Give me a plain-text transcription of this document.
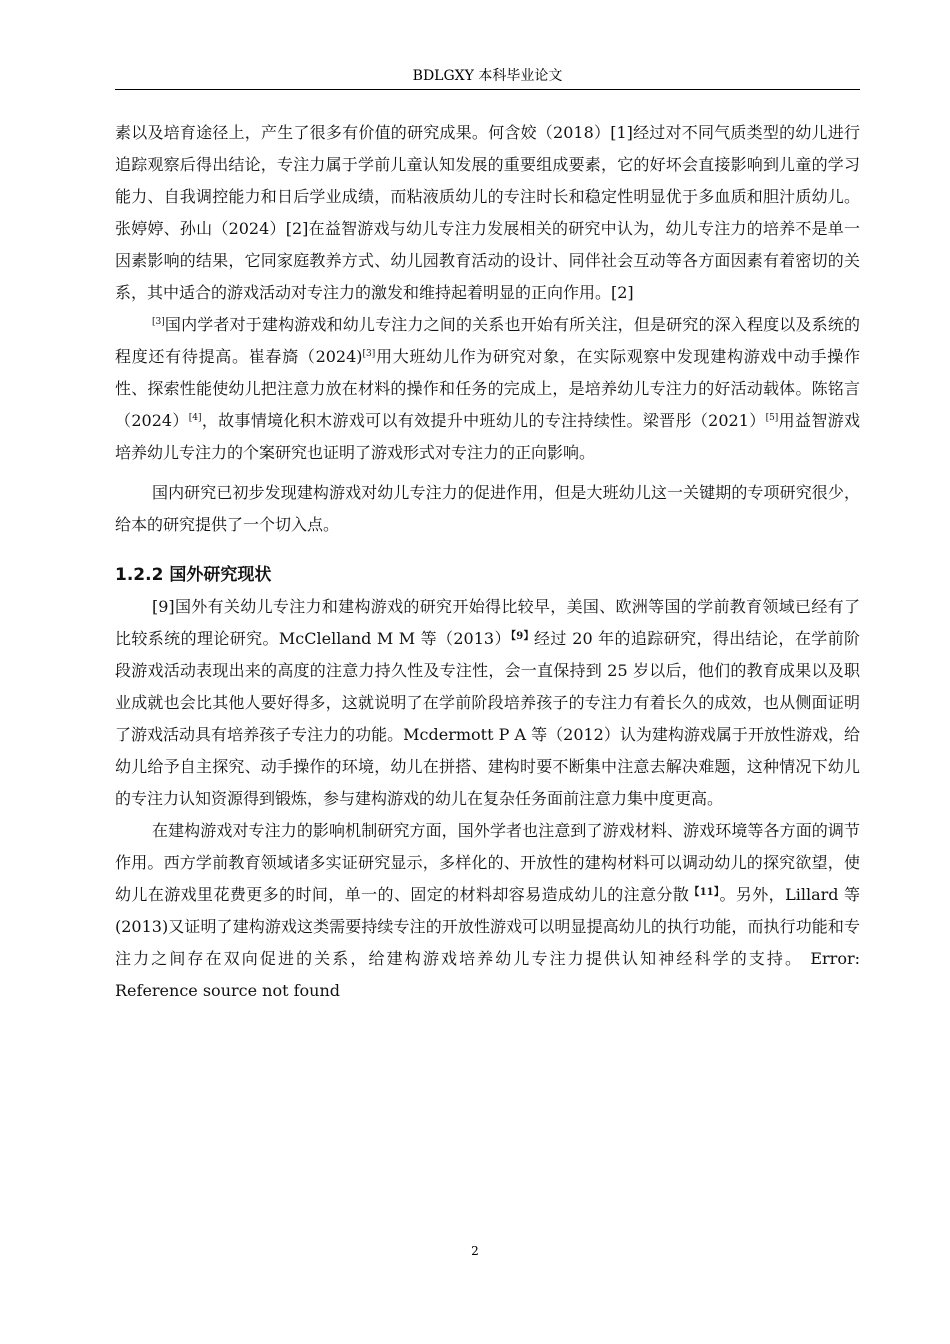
BDLGXY 本科毕业论文

素以及培育途径上，产生了很多有价值的研究成果。何含姣（2018）[1]经过对不同气质类型的幼儿进行追踪观察后得出结论，专注力属于学前儿童认知发展的重要组成要素，它的好坏会直接影响到儿童的学习能力、自我调控能力和日后学业成绩，而粘液质幼儿的专注时长和稳定性明显优于多血质和胆汁质幼儿。张婷婷、孙山（2024）[2]在益智游戏与幼儿专注力发展相关的研究中认为，幼儿专注力的培养不是单一因素影响的结果，它同家庭教养方式、幼儿园教育活动的设计、同伴社会互动等各方面因素有着密切的关系，其中适合的游戏活动对专注力的激发和维持起着明显的正向作用。[2]

[3]国内学者对于建构游戏和幼儿专注力之间的关系也开始有所关注，但是研究的深入程度以及系统的程度还有待提高。崔春旖（2024)[3]用大班幼儿作为研究对象，在实际观察中发现建构游戏中动手操作性、探索性能使幼儿把注意力放在材料的操作和任务的完成上，是培养幼儿专注力的好活动载体。陈铭言（2024）[4]，故事情境化积木游戏可以有效提升中班幼儿的专注持续性。梁晋彤（2021）[5]用益智游戏培养幼儿专注力的个案研究也证明了游戏形式对专注力的正向影响。

国内研究已初步发现建构游戏对幼儿专注力的促进作用，但是大班幼儿这一关键期的专项研究很少，给本的研究提供了一个切入点。

1.2.2 国外研究现状

[9]国外有关幼儿专注力和建构游戏的研究开始得比较早，美国、欧洲等国的学前教育领域已经有了比较系统的理论研究。McClelland M M 等（2013）$^{【9】}$经过 20 年的追踪研究，得出结论，在学前阶段游戏活动表现出来的高度的注意力持久性及专注性，会一直保持到 25 岁以后，他们的教育成果以及职业成就也会比其他人要好得多，这就说明了在学前阶段培养孩子的专注力有着长久的成效，也从侧面证明了游戏活动具有培养孩子专注力的功能。Mcdermott P A 等（2012）认为建构游戏属于开放性游戏，给幼儿给予自主探究、动手操作的环境，幼儿在拼搭、建构时要不断集中注意去解决难题，这种情况下幼儿的专注力认知资源得到锻炼，参与建构游戏的幼儿在复杂任务面前注意力集中度更高。

在建构游戏对专注力的影响机制研究方面，国外学者也注意到了游戏材料、游戏环境等各方面的调节作用。西方学前教育领域诸多实证研究显示，多样化的、开放性的建构材料可以调动幼儿的探究欲望，使幼儿在游戏里花费更多的时间，单一的、固定的材料却容易造成幼儿的注意分散$^{【11】}$。另外，Lillard 等(2013)又证明了建构游戏这类需要持续专注的开放性游戏可以明显提高幼儿的执行功能，而执行功能和专注力之间存在双向促进的关系，给建构游戏培养幼儿专注力提供认知神经科学的支持。 Error: Reference source not found

2
